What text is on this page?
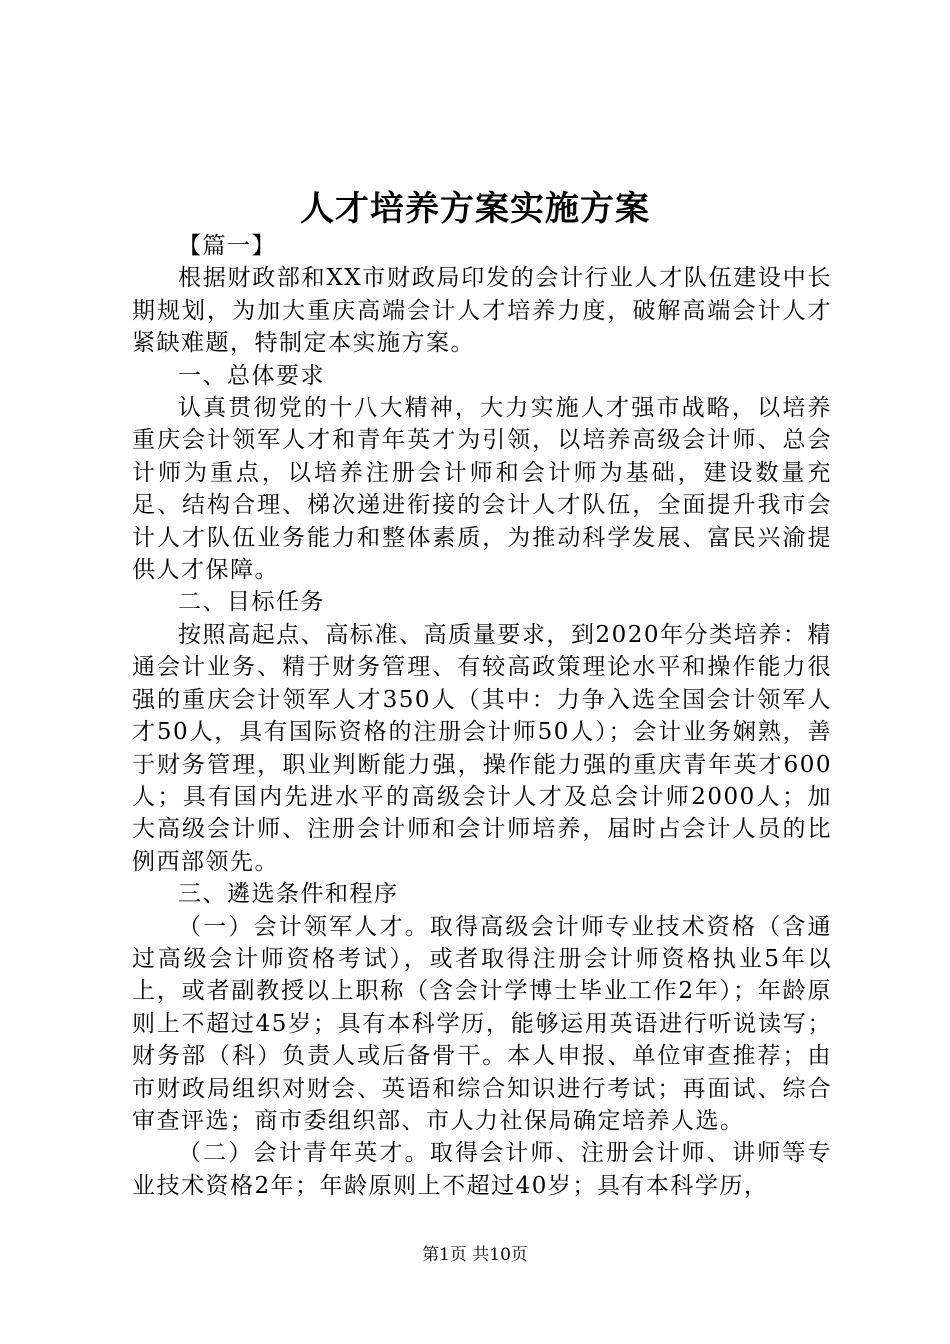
人才培养方案实施方案

【篇一】

根据财政部和XX市财政局印发的会计行业人才队伍建设中长期规划，为加大重庆高端会计人才培养力度，破解高端会计人才紧缺难题，特制定本实施方案。

一、总体要求

认真贯彻党的十八大精神，大力实施人才强市战略，以培养重庆会计领军人才和青年英才为引领，以培养高级会计师、总会计师为重点，以培养注册会计师和会计师为基础，建设数量充足、结构合理、梯次递进衔接的会计人才队伍，全面提升我市会计人才队伍业务能力和整体素质，为推动科学发展、富民兴渝提供人才保障。

二、目标任务

按照高起点、高标准、高质量要求，到2020年分类培养：精通会计业务、精于财务管理、有较高政策理论水平和操作能力很强的重庆会计领军人才350人（其中：力争入选全国会计领军人才50人，具有国际资格的注册会计师50人）；会计业务娴熟，善于财务管理，职业判断能力强，操作能力强的重庆青年英才600人；具有国内先进水平的高级会计人才及总会计师2000人；加大高级会计师、注册会计师和会计师培养，届时占会计人员的比例西部领先。

三、遴选条件和程序

（一）会计领军人才。取得高级会计师专业技术资格（含通过高级会计师资格考试），或者取得注册会计师资格执业5年以上，或者副教授以上职称（含会计学博士毕业工作2年）；年龄原则上不超过45岁；具有本科学历，能够运用英语进行听说读写；财务部（科）负责人或后备骨干。本人申报、单位审查推荐；由市财政局组织对财会、英语和综合知识进行考试；再面试、综合审查评选；商市委组织部、市人力社保局确定培养人选。

（二）会计青年英才。取得会计师、注册会计师、讲师等专业技术资格2年；年龄原则上不超过40岁；具有本科学历，

第1页 共10页
